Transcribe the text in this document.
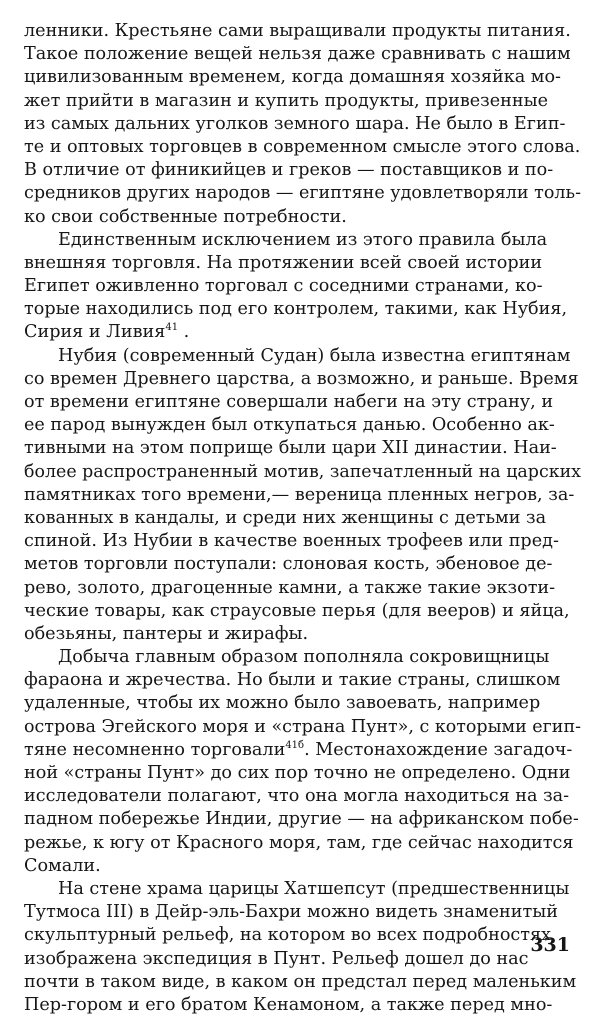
ленники. Крестьяне сами выращивали продукты питания.
Такое положение вещей нельзя даже сравнивать с нашим
цивилизованным временем, когда домашняя хозяйка мо-
жет прийти в магазин и купить продукты, привезенные
из самых дальних уголков земного шара. Не было в Егип-
те и оптовых торговцев в современном смысле этого слова.
В отличие от финикийцев и греков — поставщиков и по-
средников других народов — египтяне удовлетворяли толь-
ко свои собственные потребности.
Единственным исключением из этого правила была
внешняя торговля. На протяжении всей своей истории
Египет оживленно торговал с соседними странами, ко-
торые находились под его контролем, такими, как Нубия,
Сирия и Ливия$^{41}$ .
Нубия (современный Судан) была известна египтянам
со времен Древнего царства, а возможно, и раньше. Время
от времени египтяне совершали набеги на эту страну, и
ее парод вынужден был откупаться данью. Особенно ак-
тивными на этом поприще были цари XII династии. Наи-
более распространенный мотив, запечатленный на царских
памятниках того времени,— вереница пленных негров, за-
кованных в кандалы, и среди них женщины с детьми за
спиной. Из Нубии в качестве военных трофеев или пред-
метов торговли поступали: слоновая кость, эбеновое де-
рево, золото, драгоценные камни, а также такие экзоти-
ческие товары, как страусовые перья (для вееров) и яйца,
обезьяны, пантеры и жирафы.
Добыча главным образом пополняла сокровищницы
фараона и жречества. Но были и такие страны, слишком
удаленные, чтобы их можно было завоевать, например
острова Эгейского моря и «страна Пунт», с которыми егип-
тяне несомненно торговали$^{41б}$. Местонахождение загадоч-
ной «страны Пунт» до сих пор точно не определено. Одни
исследователи полагают, что она могла находиться на за-
падном побережье Индии, другие — на африканском побе-
режье, к югу от Красного моря, там, где сейчас находится
Сомали.
На стене храма царицы Хатшепсут (предшественницы
Тутмоса III) в Дейр-эль-Бахри можно видеть знаменитый
скульптурный рельеф, на котором во всех подробностях
изображена экспедиция в Пунт. Рельеф дошел до нас
почти в таком виде, в каком он предстал перед маленьким
Пер-гором и его братом Кенамоном, а также перед мно-
331
